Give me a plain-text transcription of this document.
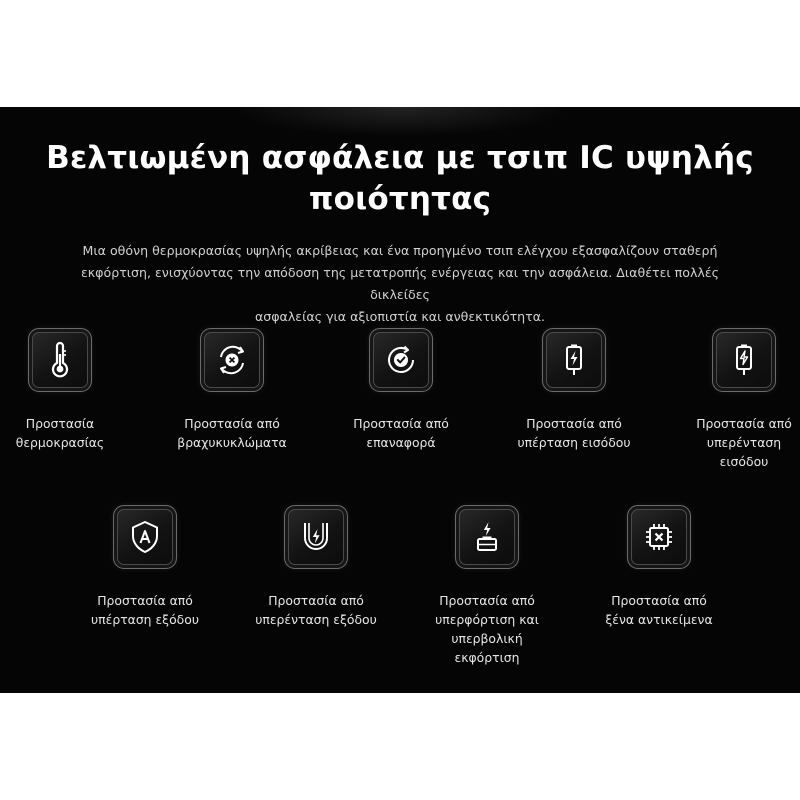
Βελτιωμένη ασφάλεια με τσιπ IC υψηλής
ποιότητας

Μια οθόνη θερμοκρασίας υψηλής ακρίβειας και ένα προηγμένο τσιπ ελέγχου εξασφαλίζουν σταθερή
εκφόρτιση, ενισχύοντας την απόδοση της μετατροπής ενέργειας και την ασφάλεια. Διαθέτει πολλές δικλείδες
ασφαλείας για αξιοπιστία και ανθεκτικότητα.

Προστασία
θερμοκρασίας
Προστασία από
βραχυκυκλώματα
Προστασία από
επαναφορά
Προστασία από
υπέρταση εισόδου
Προστασία από
υπερένταση
εισόδου
Προστασία από
υπέρταση εξόδου
Προστασία από
υπερένταση εξόδου
Προστασία από
υπερφόρτιση και
υπερβολική
εκφόρτιση
Προστασία από
ξένα αντικείμενα
